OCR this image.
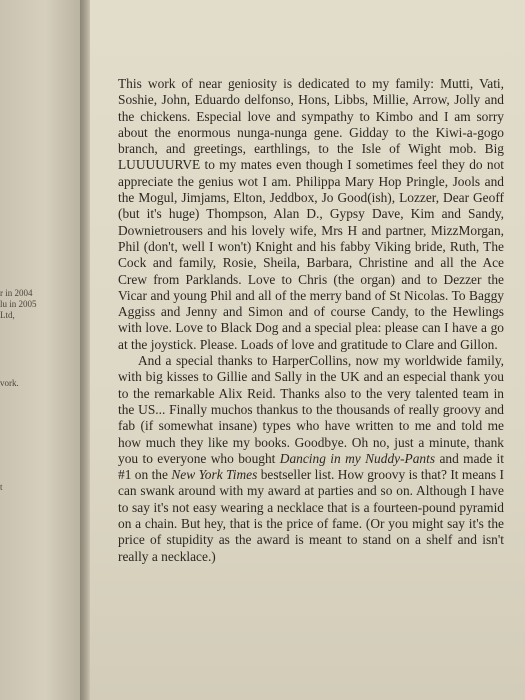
r in 2004
lu in 2005
Ltd,
vork.
t

This work of near geniosity is dedicated to my family: Mutti, Vati, Soshie, John, Eduardo delfonso, Hons, Libbs, Millie, Arrow, Jolly and the chickens. Especial love and sympathy to Kimbo and I am sorry about the enormous nunga-nunga gene. Gidday to the Kiwi-a-gogo branch, and greetings, earthlings, to the Isle of Wight mob. Big LUUUUURVE to my mates even though I sometimes feel they do not appreciate the genius wot I am. Philippa Mary Hop Pringle, Jools and the Mogul, Jimjams, Elton, Jeddbox, Jo Good(ish), Lozzer, Dear Geoff (but it's huge) Thompson, Alan D., Gypsy Dave, Kim and Sandy, Downietrousers and his lovely wife, Mrs H and partner, MizzMorgan, Phil (don't, well I won't) Knight and his fabby Viking bride, Ruth, The Cock and family, Rosie, Sheila, Barbara, Christine and all the Ace Crew from Parklands. Love to Chris (the organ) and to Dezzer the Vicar and young Phil and all of the merry band of St Nicolas. To Baggy Aggiss and Jenny and Simon and of course Candy, to the Hewlings with love. Love to Black Dog and a special plea: please can I have a go at the joystick. Please. Loads of love and gratitude to Clare and Gillon.

And a special thanks to HarperCollins, now my worldwide family, with big kisses to Gillie and Sally in the UK and an especial thank you to the remarkable Alix Reid. Thanks also to the very talented team in the US... Finally muchos thankus to the thousands of really groovy and fab (if somewhat insane) types who have written to me and told me how much they like my books. Goodbye. Oh no, just a minute, thank you to everyone who bought Dancing in my Nuddy-Pants and made it #1 on the New York Times bestseller list. How groovy is that? It means I can swank around with my award at parties and so on. Although I have to say it's not easy wearing a necklace that is a fourteen-pound pyramid on a chain. But hey, that is the price of fame. (Or you might say it's the price of stupidity as the award is meant to stand on a shelf and isn't really a necklace.)
